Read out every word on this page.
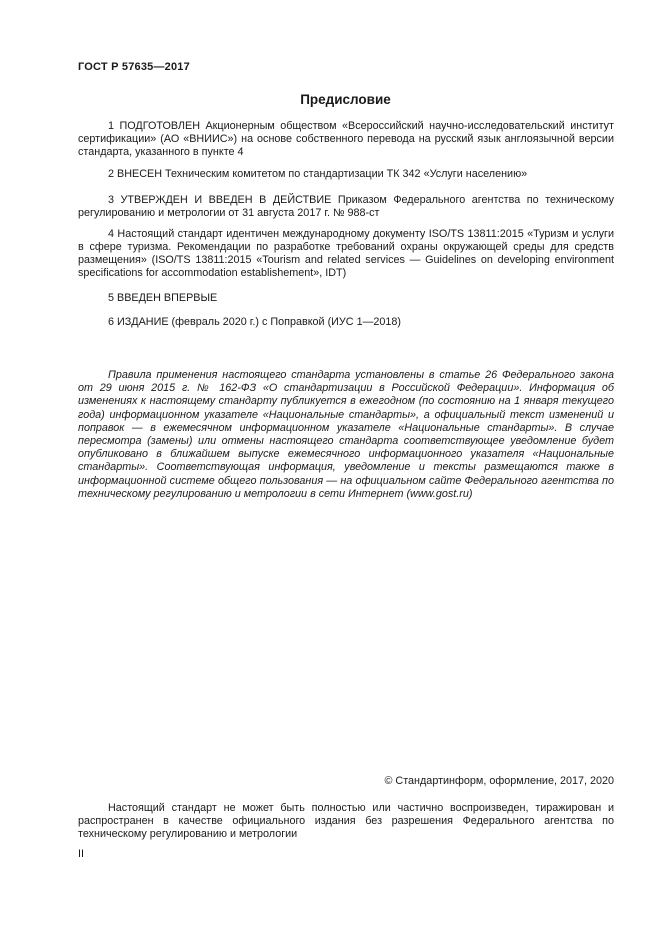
ГОСТ Р 57635—2017
Предисловие
1 ПОДГОТОВЛЕН Акционерным обществом «Всероссийский научно-исследовательский институт сертификации» (АО «ВНИИС») на основе собственного перевода на русский язык англоязычной версии стандарта, указанного в пункте 4
2 ВНЕСЕН Техническим комитетом по стандартизации ТК 342 «Услуги населению»
3 УТВЕРЖДЕН И ВВЕДЕН В ДЕЙСТВИЕ Приказом Федерального агентства по техническому регулированию и метрологии от 31 августа 2017 г. № 988-ст
4 Настоящий стандарт идентичен международному документу ISO/TS 13811:2015 «Туризм и услуги в сфере туризма. Рекомендации по разработке требований охраны окружающей среды для средств размещения» (ISO/TS 13811:2015 «Tourism and related services — Guidelines on developing environment specifications for accommodation establishement», IDT)
5 ВВЕДЕН ВПЕРВЫЕ
6 ИЗДАНИЕ (февраль 2020 г.) с Поправкой (ИУС 1—2018)
Правила применения настоящего стандарта установлены в статье 26 Федерального закона от 29 июня 2015 г. № 162-ФЗ «О стандартизации в Российской Федерации». Информация об изменениях к настоящему стандарту публикуется в ежегодном (по состоянию на 1 января текущего года) информационном указателе «Национальные стандарты», а официальный текст изменений и поправок — в ежемесячном информационном указателе «Национальные стандарты». В случае пересмотра (замены) или отмены настоящего стандарта соответствующее уведомление будет опубликовано в ближайшем выпуске ежемесячного информационного указателя «Национальные стандарты». Соответствующая информация, уведомление и тексты размещаются также в информационной системе общего пользования — на официальном сайте Федерального агентства по техническому регулированию и метрологии в сети Интернет (www.gost.ru)
© Стандартинформ, оформление, 2017, 2020
Настоящий стандарт не может быть полностью или частично воспроизведен, тиражирован и распространен в качестве официального издания без разрешения Федерального агентства по техническому регулированию и метрологии
II
